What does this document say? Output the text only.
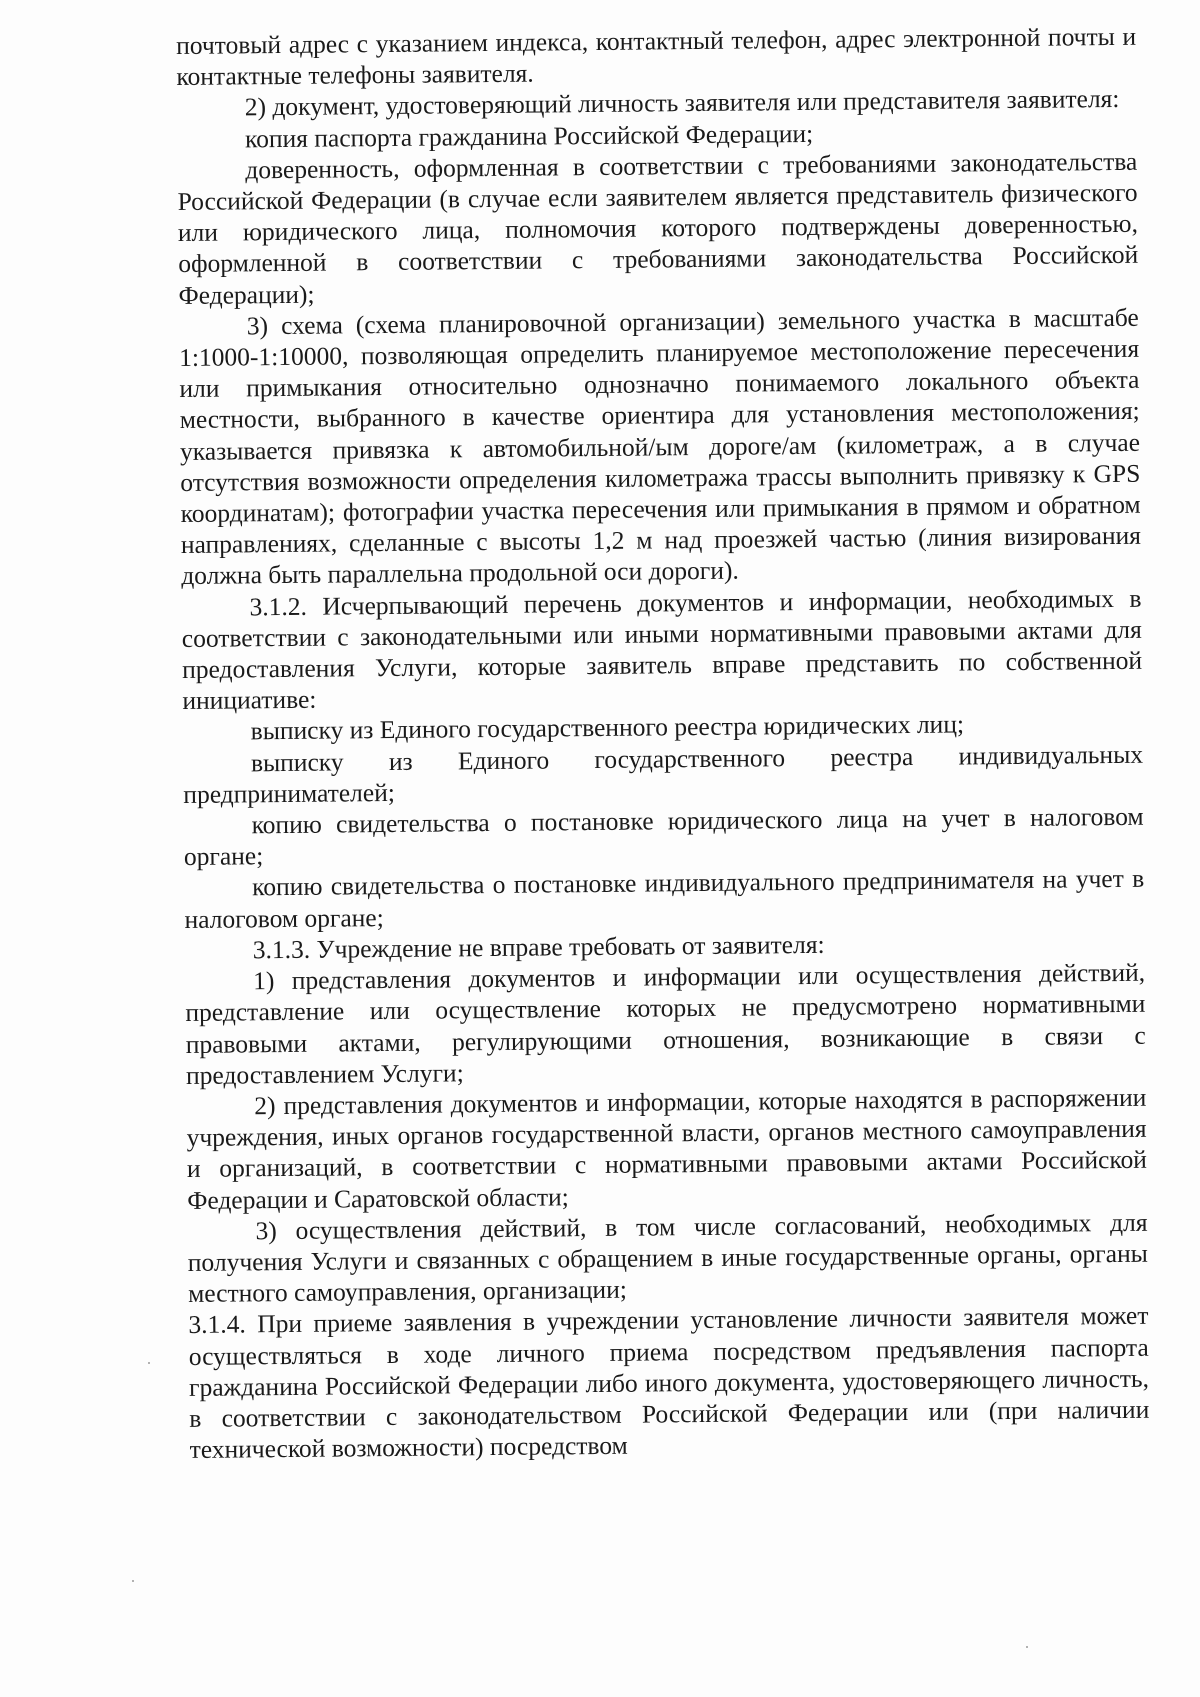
почтовый адрес с указанием индекса, контактный телефон, адрес электронной почты и контактные телефоны заявителя.

2) документ, удостоверяющий личность заявителя или представителя заявителя:

копия паспорта гражданина Российской Федерации;

доверенность, оформленная в соответствии с требованиями законодательства Российской Федерации (в случае если заявителем является представитель физического или юридического лица, полномочия которого подтверждены доверенностью, оформленной в соответствии с требованиями законодательства Российской Федерации);

3) схема (схема планировочной организации) земельного участка в масштабе 1:1000-1:10000, позволяющая определить планируемое местоположение пересечения или примыкания относительно однозначно понимаемого локального объекта местности, выбранного в качестве ориентира для установления местоположения; указывается привязка к автомобильной/ым дороге/ам (километраж, а в случае отсутствия возможности определения километража трассы выполнить привязку к GPS координатам); фотографии участка пересечения или примыкания в прямом и обратном направлениях, сделанные с высоты 1,2 м над проезжей частью (линия визирования должна быть параллельна продольной оси дороги).

3.1.2. Исчерпывающий перечень документов и информации, необходимых в соответствии с законодательными или иными нормативными правовыми актами для предоставления Услуги, которые заявитель вправе представить по собственной инициативе:

выписку из Единого государственного реестра юридических лиц;

выписку из Единого государственного реестра индивидуальных предпринимателей;

копию свидетельства о постановке юридического лица на учет в налоговом органе;

копию свидетельства о постановке индивидуального предпринимателя на учет в налоговом органе;

3.1.3. Учреждение не вправе требовать от заявителя:

1) представления документов и информации или осуществления действий, представление или осуществление которых не предусмотрено нормативными правовыми актами, регулирующими отношения, возникающие в связи с предоставлением Услуги;

2) представления документов и информации, которые находятся в распоряжении учреждения, иных органов государственной власти, органов местного самоуправления и организаций, в соответствии с нормативными правовыми актами Российской Федерации и Саратовской области;

3) осуществления действий, в том числе согласований, необходимых для получения Услуги и связанных с обращением в иные государственные органы, органы местного самоуправления, организации;

3.1.4. При приеме заявления в учреждении установление личности заявителя может осуществляться в ходе личного приема посредством предъявления паспорта гражданина Российской Федерации либо иного документа, удостоверяющего личность, в соответствии с законодательством Российской Федерации или (при наличии технической возможности) посредством
